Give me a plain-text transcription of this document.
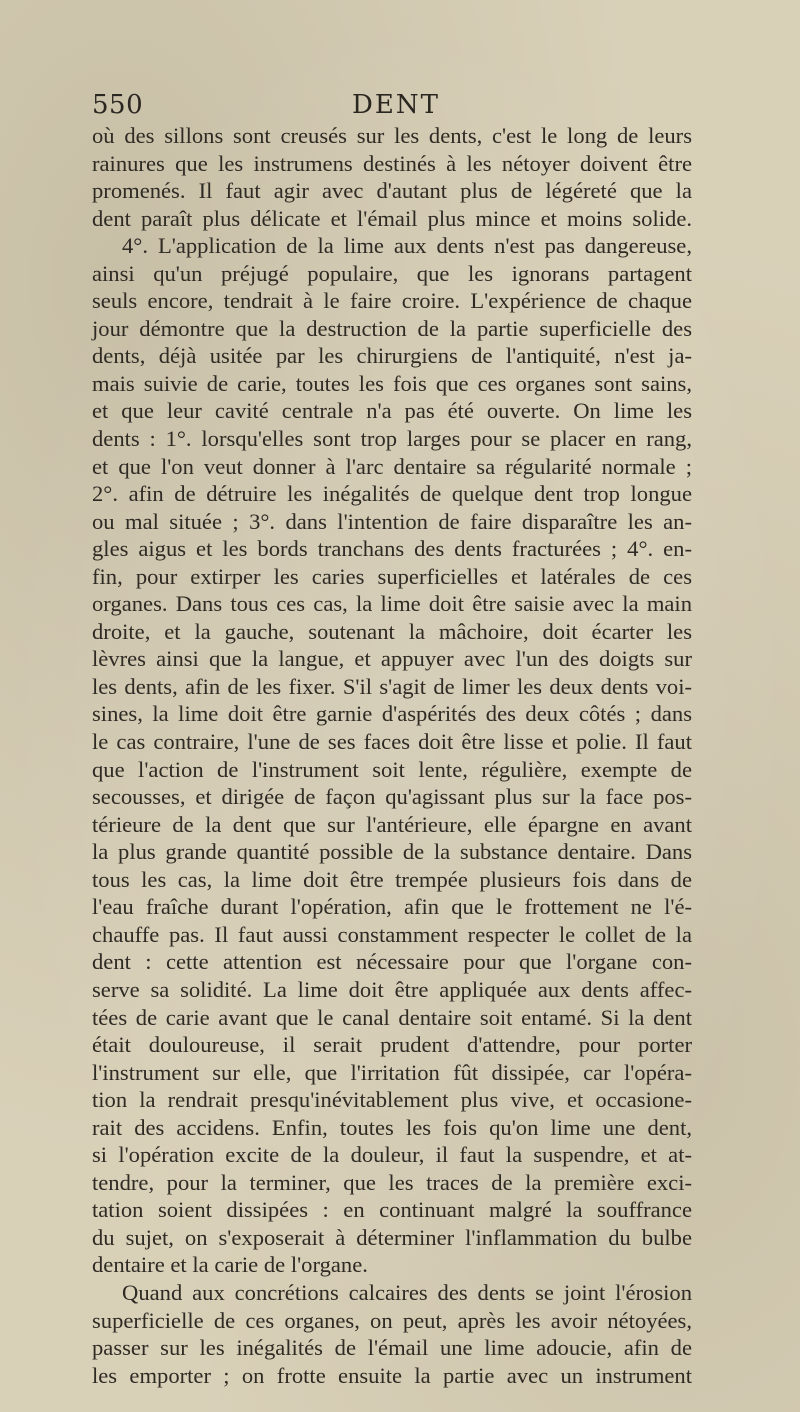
550	DENT
où des sillons sont creusés sur les dents, c'est le long de leurs
rainures que les instrumens destinés à les nétoyer doivent être
promenés. Il faut agir avec d'autant plus de légéreté que la
dent paraît plus délicate et l'émail plus mince et moins solide.
4°. L'application de la lime aux dents n'est pas dangereuse,
ainsi qu'un préjugé populaire, que les ignorans partagent
seuls encore, tendrait à le faire croire. L'expérience de chaque
jour démontre que la destruction de la partie superficielle des
dents, déjà usitée par les chirurgiens de l'antiquité, n'est ja-
mais suivie de carie, toutes les fois que ces organes sont sains,
et que leur cavité centrale n'a pas été ouverte. On lime les
dents : 1°. lorsqu'elles sont trop larges pour se placer en rang,
et que l'on veut donner à l'arc dentaire sa régularité normale ;
2°. afin de détruire les inégalités de quelque dent trop longue
ou mal située ; 3°. dans l'intention de faire disparaître les an-
gles aigus et les bords tranchans des dents fracturées ; 4°. en-
fin, pour extirper les caries superficielles et latérales de ces
organes. Dans tous ces cas, la lime doit être saisie avec la main
droite, et la gauche, soutenant la mâchoire, doit écarter les
lèvres ainsi que la langue, et appuyer avec l'un des doigts sur
les dents, afin de les fixer. S'il s'agit de limer les deux dents voi-
sines, la lime doit être garnie d'aspérités des deux côtés ; dans
le cas contraire, l'une de ses faces doit être lisse et polie. Il faut
que l'action de l'instrument soit lente, régulière, exempte de
secousses, et dirigée de façon qu'agissant plus sur la face pos-
térieure de la dent que sur l'antérieure, elle épargne en avant
la plus grande quantité possible de la substance dentaire. Dans
tous les cas, la lime doit être trempée plusieurs fois dans de
l'eau fraîche durant l'opération, afin que le frottement ne l'é-
chauffe pas. Il faut aussi constamment respecter le collet de la
dent : cette attention est nécessaire pour que l'organe con-
serve sa solidité. La lime doit être appliquée aux dents affec-
tées de carie avant que le canal dentaire soit entamé. Si la dent
était douloureuse, il serait prudent d'attendre, pour porter
l'instrument sur elle, que l'irritation fût dissipée, car l'opéra-
tion la rendrait presqu'inévitablement plus vive, et occasione-
rait des accidens. Enfin, toutes les fois qu'on lime une dent,
si l'opération excite de la douleur, il faut la suspendre, et at-
tendre, pour la terminer, que les traces de la première exci-
tation soient dissipées : en continuant malgré la souffrance
du sujet, on s'exposerait à déterminer l'inflammation du bulbe
dentaire et la carie de l'organe.
Quand aux concrétions calcaires des dents se joint l'érosion
superficielle de ces organes, on peut, après les avoir nétoyées,
passer sur les inégalités de l'émail une lime adoucie, afin de
les emporter ; on frotte ensuite la partie avec un instrument
